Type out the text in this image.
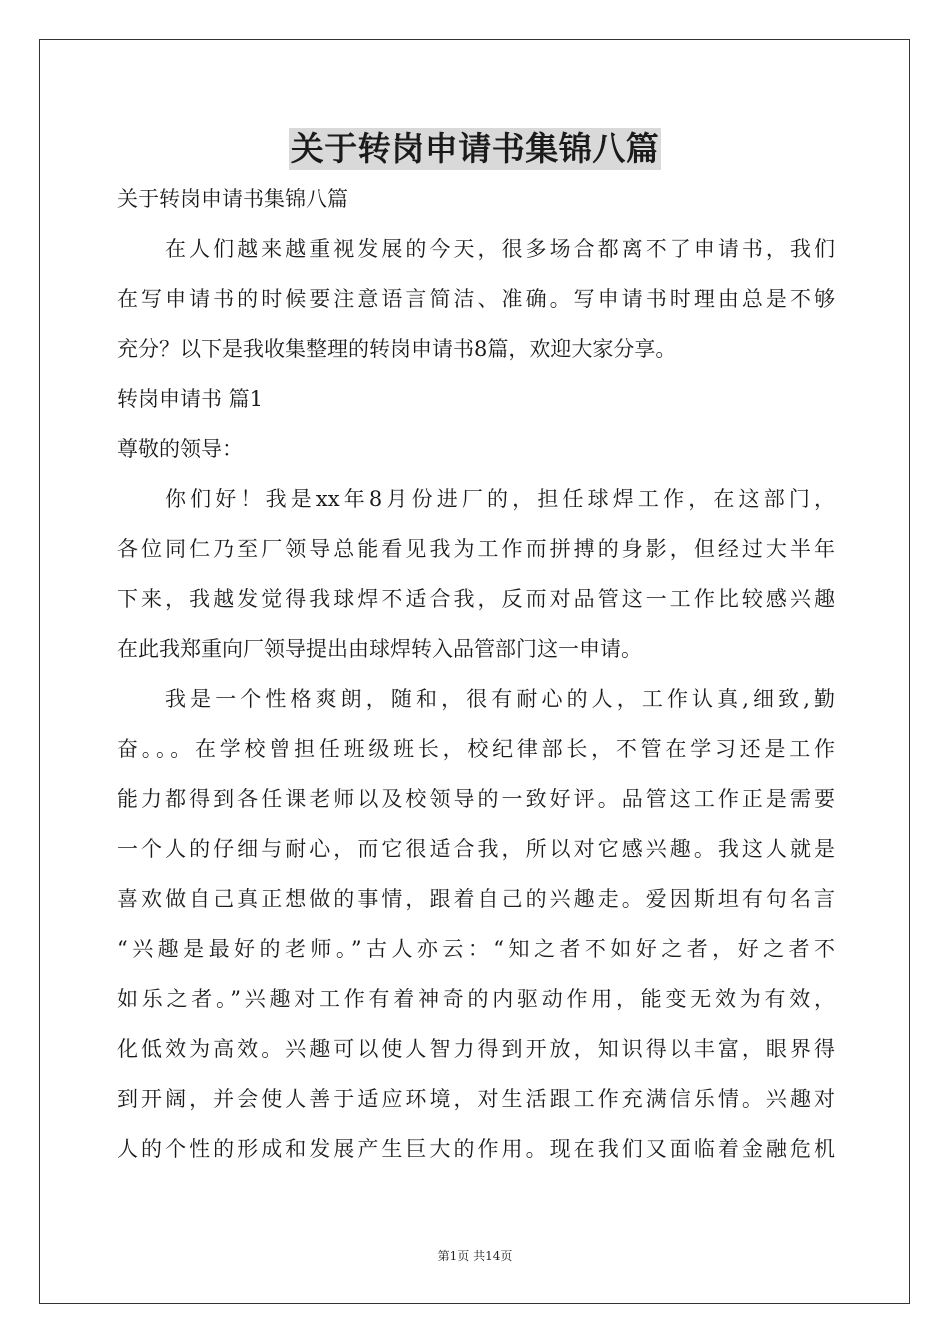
关于转岗申请书集锦八篇
关于转岗申请书集锦八篇
在人们越来越重视发展的今天，很多场合都离不了申请书，我们
在写申请书的时候要注意语言简洁、准确。写申请书时理由总是不够
充分？以下是我收集整理的转岗申请书8篇，欢迎大家分享。
转岗申请书 篇1
尊敬的领导：
你们好！我是xx年8月份进厂的，担任球焊工作，在这部门，
各位同仁乃至厂领导总能看见我为工作而拼搏的身影，但经过大半年
下来，我越发觉得我球焊不适合我，反而对品管这一工作比较感兴趣
在此我郑重向厂领导提出由球焊转入品管部门这一申请。
我是一个性格爽朗，随和，很有耐心的人，工作认真,细致,勤
奋。。。在学校曾担任班级班长，校纪律部长，不管在学习还是工作
能力都得到各任课老师以及校领导的一致好评。品管这工作正是需要
一个人的仔细与耐心，而它很适合我，所以对它感兴趣。我这人就是
喜欢做自己真正想做的事情，跟着自己的兴趣走。爱因斯坦有句名言
“兴趣是最好的老师。”古人亦云：“知之者不如好之者，好之者不
如乐之者。”兴趣对工作有着神奇的内驱动作用，能变无效为有效，
化低效为高效。兴趣可以使人智力得到开放，知识得以丰富，眼界得
到开阔，并会使人善于适应环境，对生活跟工作充满信乐情。兴趣对
人的个性的形成和发展产生巨大的作用。现在我们又面临着金融危机
第1页 共14页
